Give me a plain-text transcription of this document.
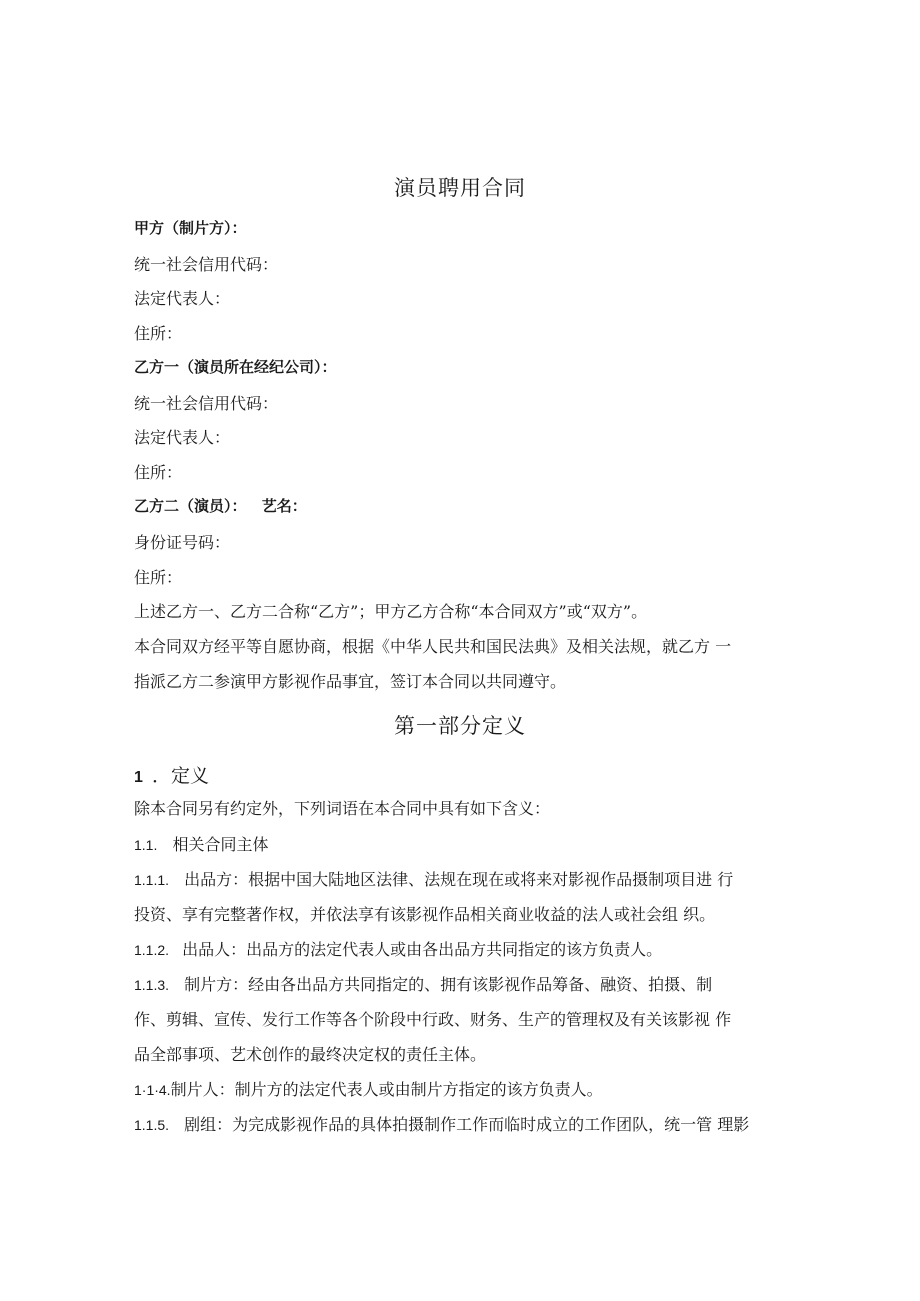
演员聘用合同
甲方（制片方）：
统一社会信用代码：
法定代表人：
住所：
乙方一（演员所在经纪公司）：
统一社会信用代码：
法定代表人：
住所：
乙方二（演员）： 艺名：
身份证号码：
住所：
上述乙方一、乙方二合称“乙方”；甲方乙方合称“本合同双方”或“双方”。
本合同双方经平等自愿协商，根据《中华人民共和国民法典》及相关法规，就乙方 一
指派乙方二参演甲方影视作品事宜，签订本合同以共同遵守。
第一部分定义
1 ．定义
除本合同另有约定外，下列词语在本合同中具有如下含义：
1.1. 相关合同主体
1.1.1. 出品方：根据中国大陆地区法律、法规在现在或将来对影视作品摄制项目进 行
投资、享有完整著作权，并依法享有该影视作品相关商业收益的法人或社会组 织。
1.1.2. 出品人：出品方的法定代表人或由各出品方共同指定的该方负责人。
1.1.3. 制片方：经由各出品方共同指定的、拥有该影视作品筹备、融资、拍摄、制
作、剪辑、宣传、发行工作等各个阶段中行政、财务、生产的管理权及有关该影视 作
品全部事项、艺术创作的最终决定权的责任主体。
1·1·4.制片人：制片方的法定代表人或由制片方指定的该方负责人。
1.1.5. 剧组：为完成影视作品的具体拍摄制作工作而临时成立的工作团队，统一管 理影
